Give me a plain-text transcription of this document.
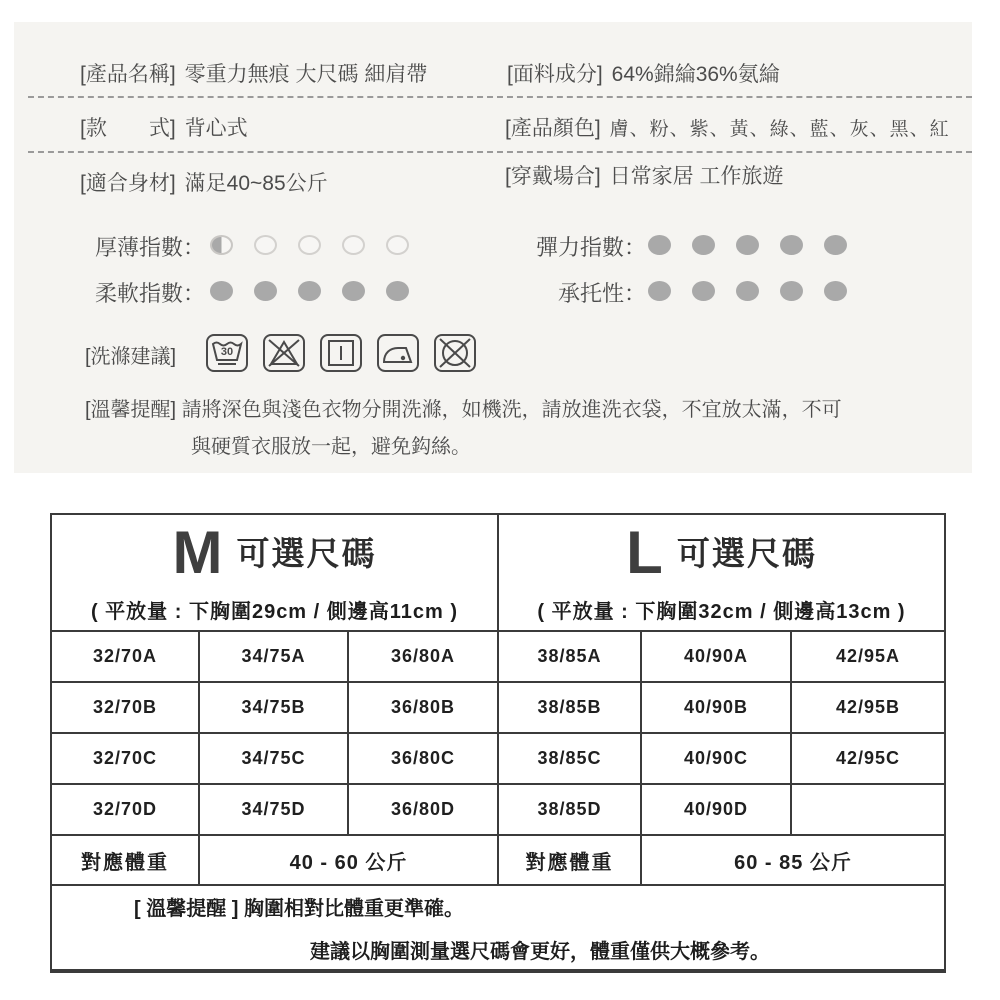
[產品名稱] 零重力無痕 大尺碼 細肩帶	[面料成分] 64%錦綸36%氨綸
[款　　式] 背心式	[產品顏色] 膚、粉、紫、黃、綠、藍、灰、黑、紅
[適合身材] 滿足40~85公斤	[穿戴場合] 日常家居 工作旅遊
厚薄指數：
柔軟指數：
彈力指數：
承托性：
[洗滌建議]	30
[溫馨提醒] 請將深色與淺色衣物分開洗滌，如機洗，請放進洗衣袋，不宜放太滿，不可
與硬質衣服放一起，避免鈎絲。
M 可選尺碼
( 平放量 : 下胸圍29cm / 側邊高11cm )
L 可選尺碼
( 平放量 : 下胸圍32cm / 側邊高13cm )
32/70A	34/75A	36/80A	38/85A	40/90A	42/95A
32/70B	34/75B	36/80B	38/85B	40/90B	42/95B
32/70C	34/75C	36/80C	38/85C	40/90C	42/95C
32/70D	34/75D	36/80D	38/85D	40/90D
對應體重	40 - 60 公斤	對應體重	60 - 85 公斤
[ 溫馨提醒 ] 胸圍相對比體重更準確。
建議以胸圍測量選尺碼會更好，體重僅供大概參考。
